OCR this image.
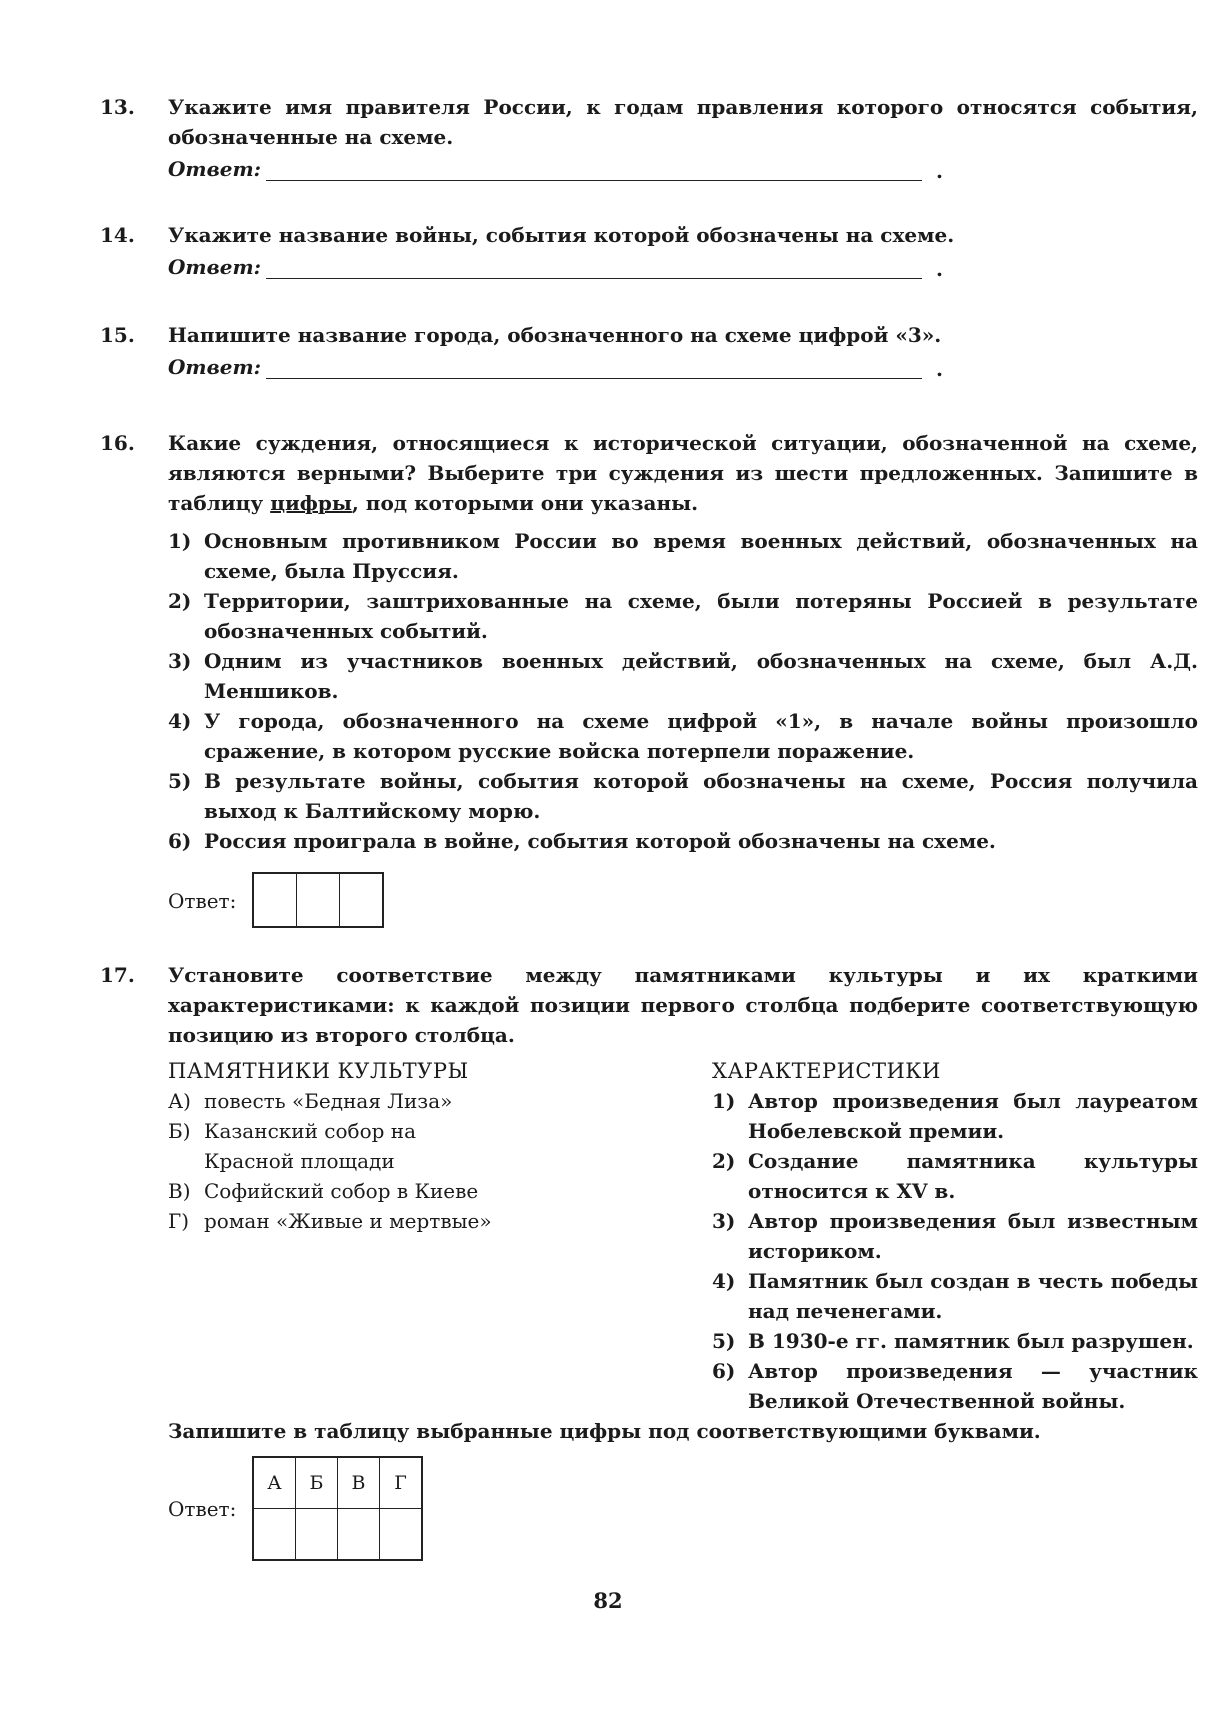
13.	Укажите имя правителя России, к годам правления которого относятся события, обозначенные на схеме.

Ответ:	.
14.	Укажите название войны, события которой обозначены на схеме.

Ответ:	.
15.	Напишите название города, обозначенного на схеме цифрой «3».

Ответ:	.
16.	Какие суждения, относящиеся к исторической ситуации, обозначенной на схеме, являются верными? Выберите три суждения из шести предложенных. Запишите в таблицу цифры, под которыми они указаны.

1) Основным противником России во время военных действий, обозначенных на схеме, была Пруссия.
2) Территории, заштрихованные на схеме, были потеряны Россией в результате обозначенных событий.
3) Одним из участников военных действий, обозначенных на схеме, был А.Д. Меншиков.
4) У города, обозначенного на схеме цифрой «1», в начале войны произошло сражение, в котором русские войска потерпели поражение.
5) В результате войны, события которой обозначены на схеме, Россия получила выход к Балтийскому морю.
6) Россия проиграла в войне, события которой обозначены на схеме.
Ответ:
17.	Установите соответствие между памятниками культуры и их краткими характеристиками: к каждой позиции первого столбца подберите соответствующую позицию из второго столбца.

ПАМЯТНИКИ КУЛЬТУРЫ
А) повесть «Бедная Лиза»
Б) Казанский собор на Красной площади
В) Софийский собор в Киеве
Г) роман «Живые и мертвые»
ХАРАКТЕРИСТИКИ
1) Автор произведения был лауреатом Нобелевской премии.
2) Создание памятника культуры относится к XV в.
3) Автор произведения был известным историком.
4) Памятник был создан в честь победы над печенегами.
5) В 1930-е гг. памятник был разрушен.
6) Автор произведения — участник Великой Отечественной войны.

Запишите в таблицу выбранные цифры под соответствующими буквами.

Ответ:
А	Б	В	Г

82
